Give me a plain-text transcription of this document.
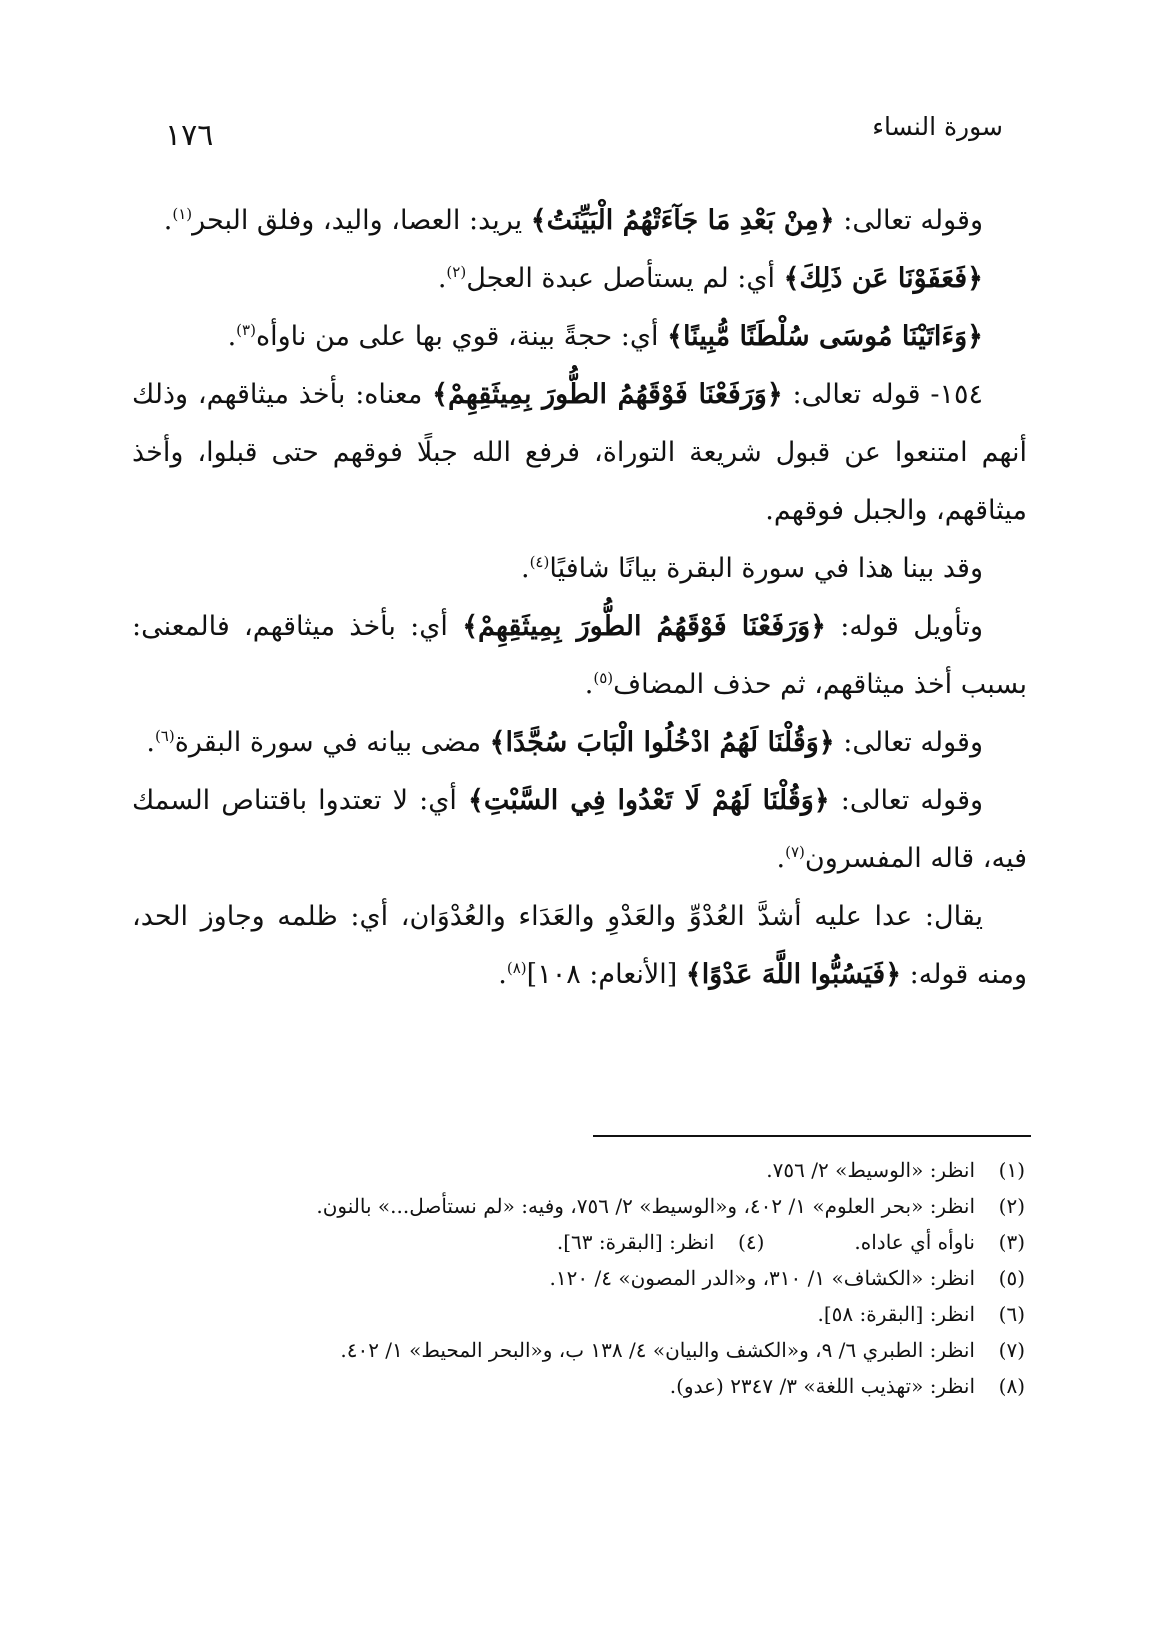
سورة النساء
١٧٦

وقوله تعالى: ﴿مِنْ بَعْدِ مَا جَآءَتْهُمُ الْبَيِّنَتُ﴾ يريد: العصا، واليد، وفلق البحر$^{(١)}$.

﴿فَعَفَوْنَا عَن ذَلِكَ﴾ أي: لم يستأصل عبدة العجل$^{(٢)}$.

﴿وَءَاتَيْنَا مُوسَى سُلْطَنًا مُّبِينًا﴾ أي: حجةً بينة، قوي بها على من ناوأه$^{(٣)}$.

١٥٤- قوله تعالى: ﴿وَرَفَعْنَا فَوْقَهُمُ الطُّورَ بِمِيثَقِهِمْ﴾ معناه: بأخذ ميثاقهم، وذلك أنهم امتنعوا عن قبول شريعة التوراة، فرفع الله جبلًا فوقهم حتى قبلوا، وأخذ ميثاقهم، والجبل فوقهم.

وقد بينا هذا في سورة البقرة بيانًا شافيًا$^{(٤)}$.

وتأويل قوله: ﴿وَرَفَعْنَا فَوْقَهُمُ الطُّورَ بِمِيثَقِهِمْ﴾ أي: بأخذ ميثاقهم، فالمعنى: بسبب أخذ ميثاقهم، ثم حذف المضاف$^{(٥)}$.

وقوله تعالى: ﴿وَقُلْنَا لَهُمُ ادْخُلُوا الْبَابَ سُجَّدًا﴾ مضى بيانه في سورة البقرة$^{(٦)}$.

وقوله تعالى: ﴿وَقُلْنَا لَهُمْ لَا تَعْدُوا فِي السَّبْتِ﴾ أي: لا تعتدوا باقتناص السمك فيه، قاله المفسرون$^{(٧)}$.

يقال: عدا عليه أشدَّ العُدْوِّ والعَدْوِ والعَدَاء والعُدْوَان، أي: ظلمه وجاوز الحد، ومنه قوله: ﴿فَيَسُبُّوا اللَّهَ عَدْوًا﴾ [الأنعام: ١٠٨]$^{(٨)}$.

(١)
انظر: «الوسيط» ٢/ ٧٥٦.
(٢)
انظر: «بحر العلوم» ١/ ٤٠٢، و«الوسيط» ٢/ ٧٥٦، وفيه: «لم نستأصل...» بالنون.
(٣)
ناوأه أي عاداه.
(٤)
انظر: [البقرة: ٦٣].
(٥)
انظر: «الكشاف» ١/ ٣١٠، و«الدر المصون» ٤/ ١٢٠.
(٦)
انظر: [البقرة: ٥٨].
(٧)
انظر: الطبري ٦/ ٩، و«الكشف والبيان» ٤/ ١٣٨ ب، و«البحر المحيط» ١/ ٤٠٢.
(٨)
انظر: «تهذيب اللغة» ٣/ ٢٣٤٧ (عدو).
